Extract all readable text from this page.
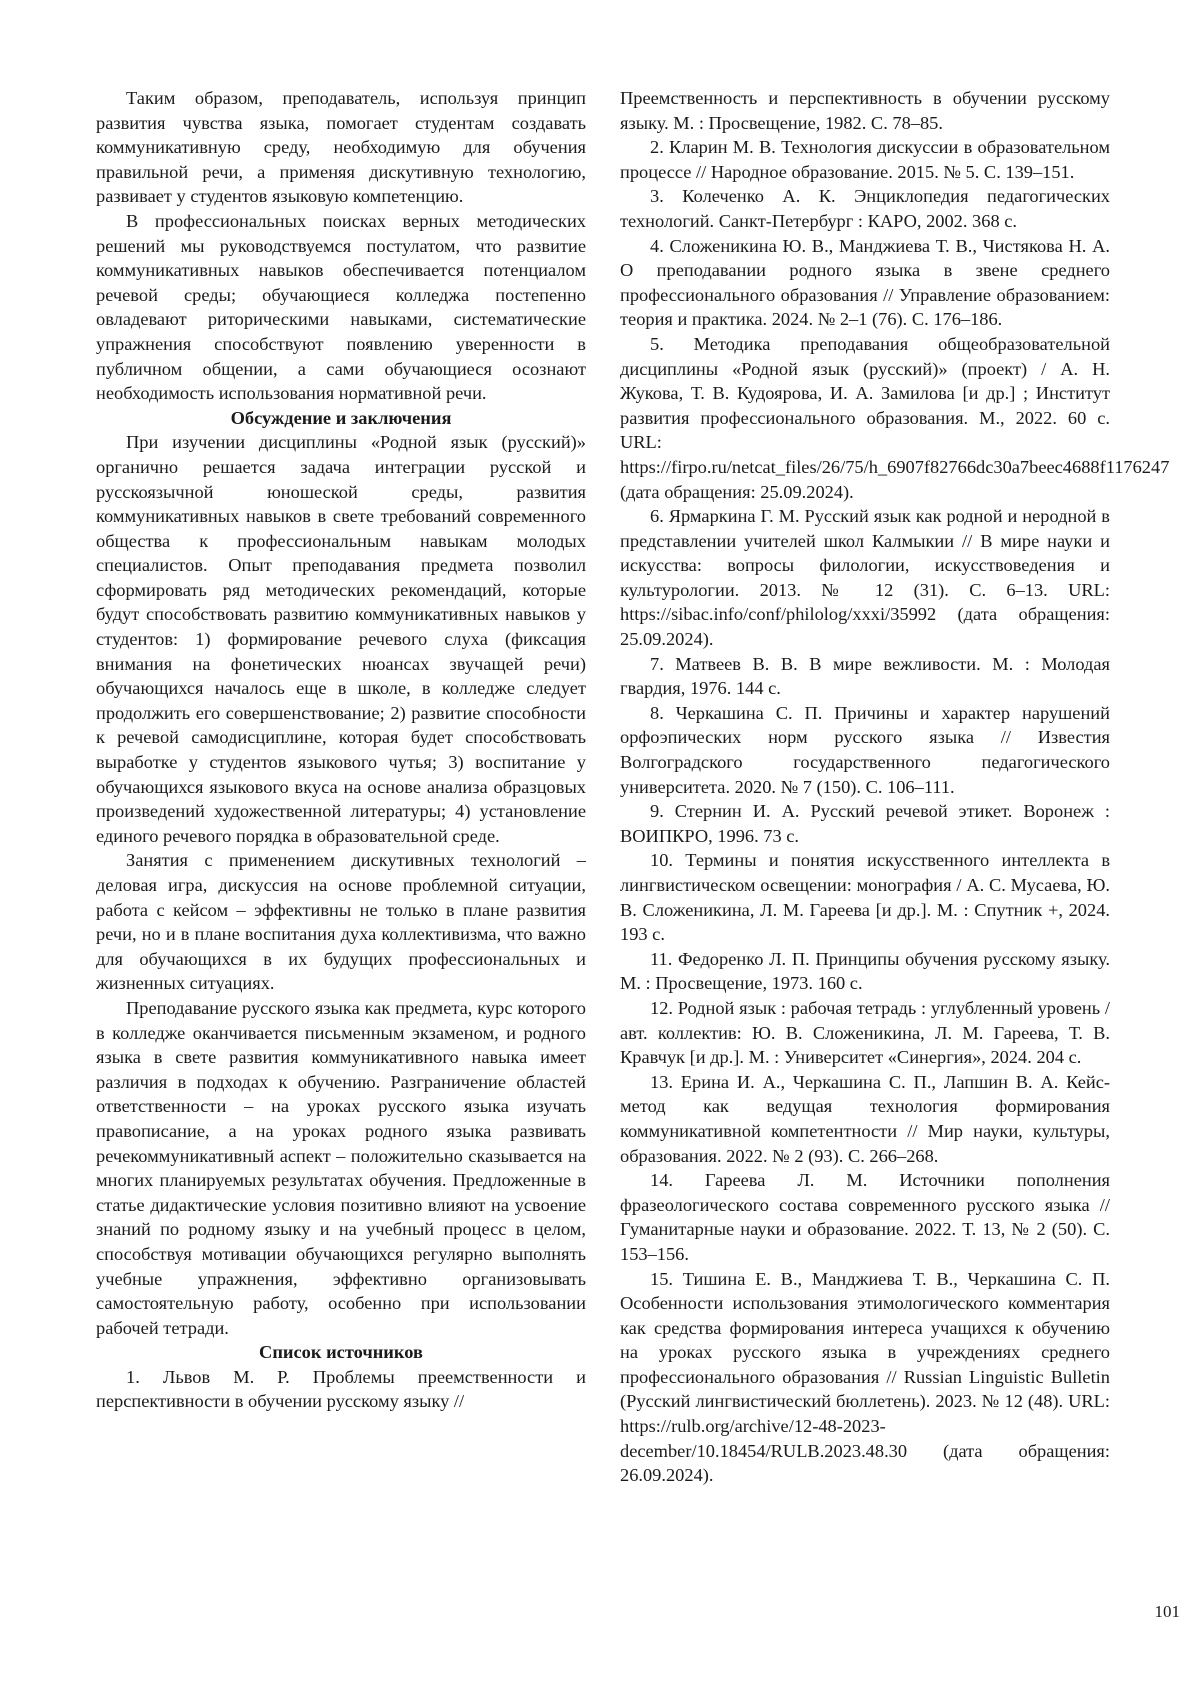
Таким образом, преподаватель, используя принцип развития чувства языка, помогает студентам создавать коммуникативную среду, необходимую для обучения правильной речи, а применяя дискутивную технологию, развивает у студентов языковую компетенцию.

В профессиональных поисках верных методических решений мы руководствуемся постулатом, что развитие коммуникативных навыков обеспечивается потенциалом речевой среды; обучающиеся колледжа постепенно овладевают риторическими навыками, систематические упражнения способствуют появлению уверенности в публичном общении, а сами обучающиеся осознают необходимость использования нормативной речи.

Обсуждение и заключения

При изучении дисциплины «Родной язык (русский)» органично решается задача интеграции русской и русскоязычной юношеской среды, развития коммуникативных навыков в свете требований современного общества к профессиональным навыкам молодых специалистов. Опыт преподавания предмета позволил сформировать ряд методических рекомендаций, которые будут способствовать развитию коммуникативных навыков у студентов: 1) формирование речевого слуха (фиксация внимания на фонетических нюансах звучащей речи) обучающихся началось еще в школе, в колледже следует продолжить его совершенствование; 2) развитие способности к речевой самодисциплине, которая будет способствовать выработке у студентов языкового чутья; 3) воспитание у обучающихся языкового вкуса на основе анализа образцовых произведений художественной литературы; 4) установление единого речевого порядка в образовательной среде.

Занятия с применением дискутивных технологий – деловая игра, дискуссия на основе проблемной ситуации, работа с кейсом – эффективны не только в плане развития речи, но и в плане воспитания духа коллективизма, что важно для обучающихся в их будущих профессиональных и жизненных ситуациях.

Преподавание русского языка как предмета, курс которого в колледже оканчивается письменным экзаменом, и родного языка в свете развития коммуникативного навыка имеет различия в подходах к обучению. Разграничение областей ответственности – на уроках русского языка изучать правописание, а на уроках родного языка развивать речекоммуникативный аспект – положительно сказывается на многих планируемых результатах обучения. Предложенные в статье дидактические условия позитивно влияют на усвоение знаний по родному языку и на учебный процесс в целом, способствуя мотивации обучающихся регулярно выполнять учебные упражнения, эффективно организовывать самостоятельную работу, особенно при использовании рабочей тетради.

Список источников

1. Львов М. Р. Проблемы преемственности и перспективности в обучении русскому языку //

Преемственность и перспективность в обучении русскому языку. М. : Просвещение, 1982. С. 78–85.

2. Кларин М. В. Технология дискуссии в образовательном процессе // Народное образование. 2015. № 5. С. 139–151.

3. Колеченко А. К. Энциклопедия педагогических технологий. Санкт-Петербург : КАРО, 2002. 368 с.

4. Сложеникина Ю. В., Манджиева Т. В., Чистякова Н. А. О преподавании родного языка в звене среднего профессионального образования // Управление образованием: теория и практика. 2024. № 2–1 (76). С. 176–186.

5. Методика преподавания общеобразовательной дисциплины «Родной язык (русский)» (проект) / А. Н. Жукова, Т. В. Кудоярова, И. А. Замилова [и др.] ; Институт развития профессионального образования. М., 2022. 60 с. URL: https://firpo.ru/netcat_files/26/75/h_6907f82766dc30a7beec4688f1176247 (дата обращения: 25.09.2024).

6. Ярмаркина Г. М. Русский язык как родной и неродной в представлении учителей школ Калмыкии // В мире науки и искусства: вопросы филологии, искусствоведения и культурологии. 2013. № 12 (31). С. 6–13. URL: https://sibac.info/conf/philolog/xxxi/35992 (дата обращения: 25.09.2024).

7. Матвеев В. В. В мире вежливости. М. : Молодая гвардия, 1976. 144 с.

8. Черкашина С. П. Причины и характер нарушений орфоэпических норм русского языка // Известия Волгоградского государственного педагогического университета. 2020. № 7 (150). С. 106–111.

9. Стернин И. А. Русский речевой этикет. Воронеж : ВОИПКРО, 1996. 73 с.

10. Термины и понятия искусственного интеллекта в лингвистическом освещении: монография / А. С. Мусаева, Ю. В. Сложеникина, Л. М. Гареева [и др.]. М. : Спутник +, 2024. 193 с.

11. Федоренко Л. П. Принципы обучения русскому языку. М. : Просвещение, 1973. 160 с.

12. Родной язык : рабочая тетрадь : углубленный уровень / авт. коллектив: Ю. В. Сложеникина, Л. М. Гареева, Т. В. Кравчук [и др.]. М. : Университет «Синергия», 2024. 204 с.

13. Ерина И. А., Черкашина С. П., Лапшин В. А. Кейс-метод как ведущая технология формирования коммуникативной компетентности // Мир науки, культуры, образования. 2022. № 2 (93). С. 266–268.

14. Гареева Л. М. Источники пополнения фразеологического состава современного русского языка // Гуманитарные науки и образование. 2022. Т. 13, № 2 (50). С. 153–156.

15. Тишина Е. В., Манджиева Т. В., Черкашина С. П. Особенности использования этимологического комментария как средства формирования интереса учащихся к обучению на уроках русского языка в учреждениях среднего профессионального образования // Russian Linguistic Bulletin (Русский лингвистический бюллетень). 2023. № 12 (48). URL: https://rulb.org/archive/12-48-2023-december/10.18454/RULB.2023.48.30 (дата обращения: 26.09.2024).

101
